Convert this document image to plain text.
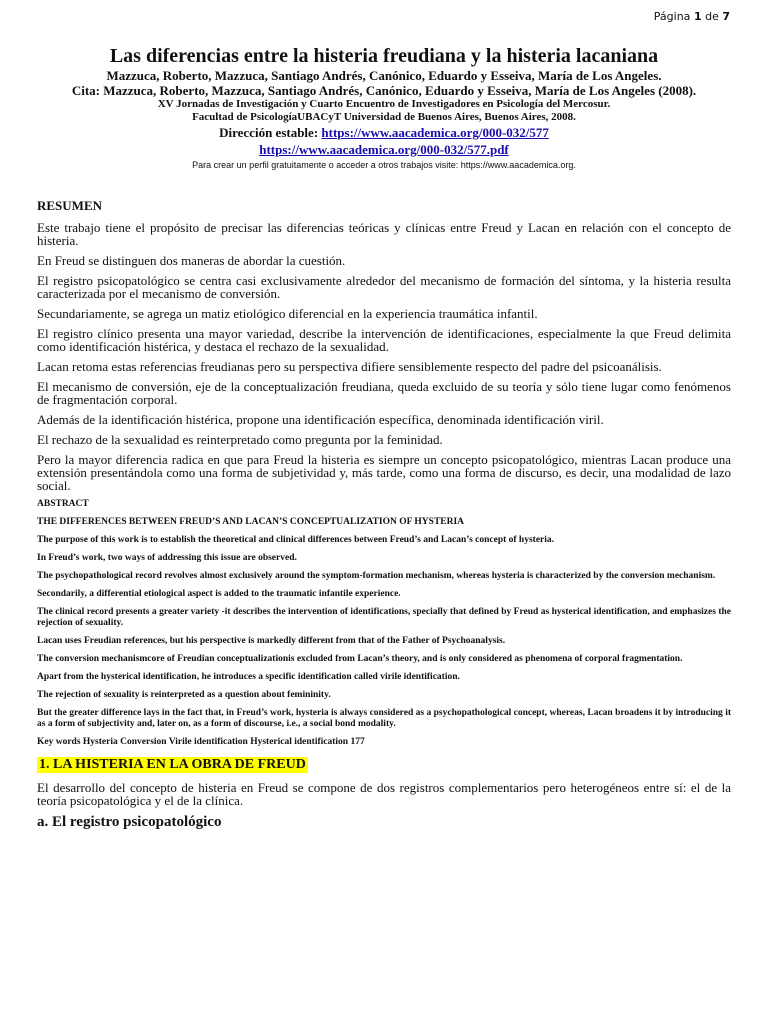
Página 1 de 7
Las diferencias entre la histeria freudiana y la histeria lacaniana
Mazzuca, Roberto, Mazzuca, Santiago Andrés, Canónico, Eduardo y Esseiva, María de Los Angeles.
Cita: Mazzuca, Roberto, Mazzuca, Santiago Andrés, Canónico, Eduardo y Esseiva, María de Los Angeles (2008).
XV Jornadas de Investigación y Cuarto Encuentro de Investigadores en Psicología del Mercosur.
Facultad de PsicologíaUBACyT Universidad de Buenos Aires, Buenos Aires, 2008.
Dirección estable: https://www.aacademica.org/000-032/577
https://www.aacademica.org/000-032/577.pdf
Para crear un perfil gratuitamente o acceder a otros trabajos visite: https://www.aacademica.org.
RESUMEN

Este trabajo tiene el propósito de precisar las diferencias teóricas y clínicas entre Freud y Lacan en relación con el concepto de histeria.

En Freud se distinguen dos maneras de abordar la cuestión.

El registro psicopatológico se centra casi exclusivamente alrededor del mecanismo de formación del síntoma, y la histeria resulta caracterizada por el mecanismo de conversión.

Secundariamente, se agrega un matiz etiológico diferencial en la experiencia traumática infantil.

El registro clínico presenta una mayor variedad, describe la intervención de identificaciones, especialmente la que Freud delimita como identificación histérica, y destaca el rechazo de la sexualidad.

Lacan retoma estas referencias freudianas pero su perspectiva difiere sensiblemente respecto del padre del psicoanálisis.

El mecanismo de conversión, eje de la conceptualización freudiana, queda excluido de su teoría y sólo tiene lugar como fenómenos de fragmentación corporal.

Además de la identificación histérica, propone una identificación específica, denominada identificación viril.

El rechazo de la sexualidad es reinterpretado como pregunta por la feminidad.

Pero la mayor diferencia radica en que para Freud la histeria es siempre un concepto psicopatológico, mientras Lacan produce una extensión presentándola como una forma de subjetividad y, más tarde, como una forma de discurso, es decir, una modalidad de lazo social.

ABSTRACT
THE DIFFERENCES BETWEEN FREUD’S AND LACAN’S CONCEPTUALIZATION OF HYSTERIA

The purpose of this work is to establish the theoretical and clinical differences between Freud’s and Lacan’s concept of hysteria.

In Freud’s work, two ways of addressing this issue are observed.

The psychopathological record revolves almost exclusively around the symptom-formation mechanism, whereas hysteria is characterized by the conversion mechanism.

Secondarily, a differential etiological aspect is added to the traumatic infantile experience.

The clinical record presents a greater variety -it describes the intervention of identifications, specially that defined by Freud as hysterical identification, and emphasizes the rejection of sexuality.

Lacan uses Freudian references, but his perspective is markedly different from that of the Father of Psychoanalysis.

The conversion mechanismcore of Freudian conceptualizationis excluded from Lacan’s theory, and is only considered as phenomena of corporal fragmentation.

Apart from the hysterical identification, he introduces a specific identification called virile identification.

The rejection of sexuality is reinterpreted as a question about femininity.

But the greater difference lays in the fact that, in Freud’s work, hysteria is always considered as a psychopathological concept, whereas, Lacan broadens it by introducing it as a form of subjectivity and, later on, as a form of discourse, i.e., a social bond modality.

Key words Hysteria Conversion Virile identification Hysterical identification 177

1. LA HISTERIA EN LA OBRA DE FREUD

El desarrollo del concepto de histeria en Freud se compone de dos registros complementarios pero heterogéneos entre sí: el de la teoría psicopatológica y el de la clínica.

a. El registro psicopatológico
